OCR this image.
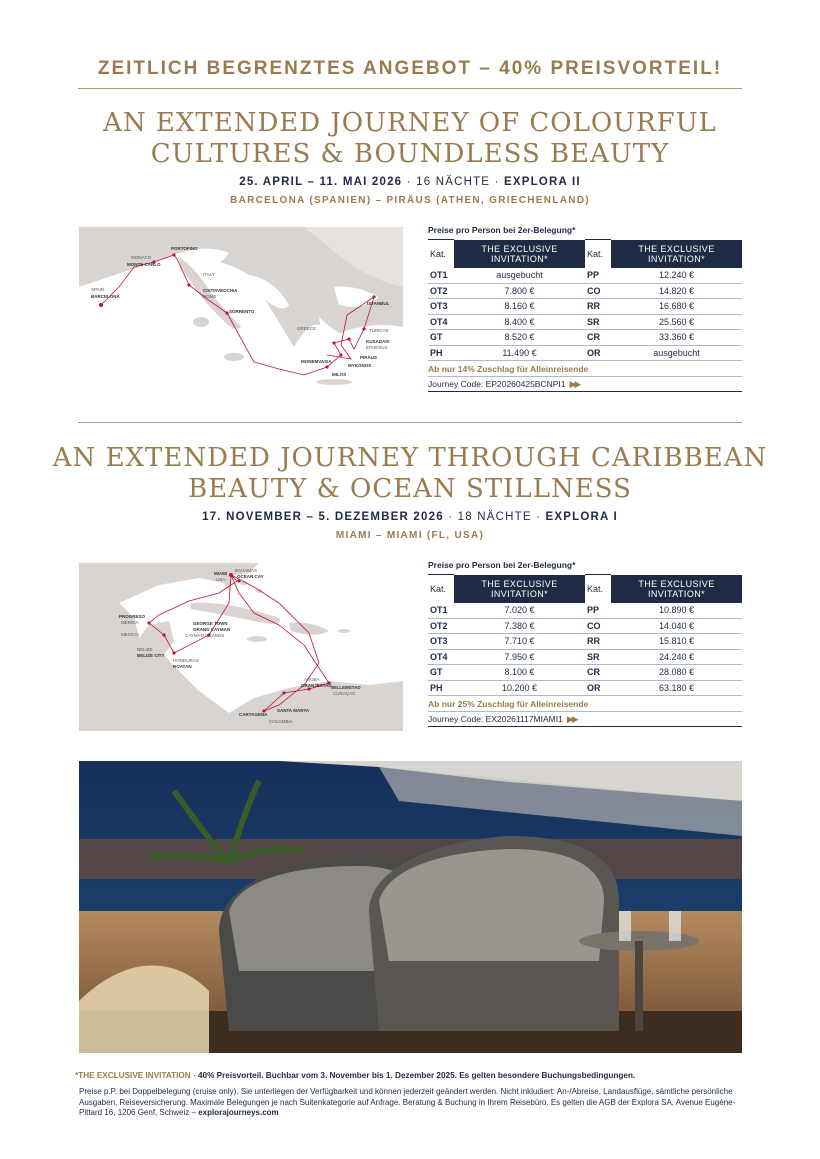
ZEITLICH BEGRENZTES ANGEBOT – 40% PREISVORTEIL!
AN EXTENDED JOURNEY OF COLOURFUL
CULTURES & BOUNDLESS BEAUTY
25. APRIL – 11. MAI 2026 · 16 NÄCHTE · EXPLORA II
BARCELONA (SPANIEN) – PIRÄUS (ATHEN, GRIECHENLAND)
SPAIN
BARCELONA
MONACO
MONTE CARLO
PORTOFINO
ITALY
CIVITAVECCHIA
ROME
SORRENTO
GREECE	TÜRKIYE
ISTANBUL
MONEMVASIA
PIRÄUS
MYKONOS
MILOS
KUSADASI
EPHESUS
Preise pro Person bei 2er-Belegung*
Kat.	THE EXCLUSIVE
INVITATION*	Kat.	THE EXCLUSIVE
INVITATION*
OT1	ausgebucht	PP	12.240 €
OT2	7.800 €	CO	14.820 €
OT3	8.160 €	RR	16.680 €
OT4	8.400 €	SR	25.560 €
GT	8.520 €	CR	33.360 €
PH	11.490 €	OR	ausgebucht
Ab nur 14% Zuschlag für Alleinreisende
Journey Code: EP20260425BCNPI1 ▶▶
AN EXTENDED JOURNEY THROUGH CARIBBEAN
BEAUTY & OCEAN STILLNESS
17. NOVEMBER – 5. DEZEMBER 2026 · 18 NÄCHTE · EXPLORA I
MIAMI – MIAMI (FL, USA)
MIAMI
USA
BAHAMAS
OCEAN CAY
PROGRESO
MÉRIDA
MEXICO
BELIZE
BELIZE CITY
HONDURAS
ROATAN
GEORGE TOWN
GRAND CAYMAN
CAYMAN ISLANDS
ARUBA
ORANJESTAD WILLEMSTAD
CURAÇAO
CARTAGENA
SANTA MARTA
COLOMBIA
Preise pro Person bei 2er-Belegung*
Kat.	THE EXCLUSIVE
INVITATION*	Kat.	THE EXCLUSIVE
INVITATION*
OT1	7.020 €	PP	10.890 €
OT2	7.380 €	CO	14.040 €
OT3	7.710 €	RR	15.810 €
OT4	7.950 €	SR	24.240 €
GT	8.100 €	CR	28.080 €
PH	10.200 €	OR	63.180 €
Ab nur 25% Zuschlag für Alleinreisende
Journey Code: EX20261117MIAMI1 ▶▶
*THE EXCLUSIVE INVITATION · 40% Preisvorteil. Buchbar vom 3. November bis 1. Dezember 2025. Es gelten besondere Buchungsbedingungen.
Preise p.P. bei Doppelbelegung (cruise only). Sie unterliegen der Verfügbarkeit und können jederzeit geändert werden. Nicht inkludiert: An-/Abreise, Landausflüge, sämtliche persönliche Ausgaben, Reiseversicherung. Maximale Belegungen je nach Suitenkategorie auf Anfrage. Beratung & Buchung in Ihrem Reisebüro. Es gelten die AGB der Explora SA, Avenue Eugène-Pittard 16, 1206 Genf, Schweiz – explorajourneys.com
